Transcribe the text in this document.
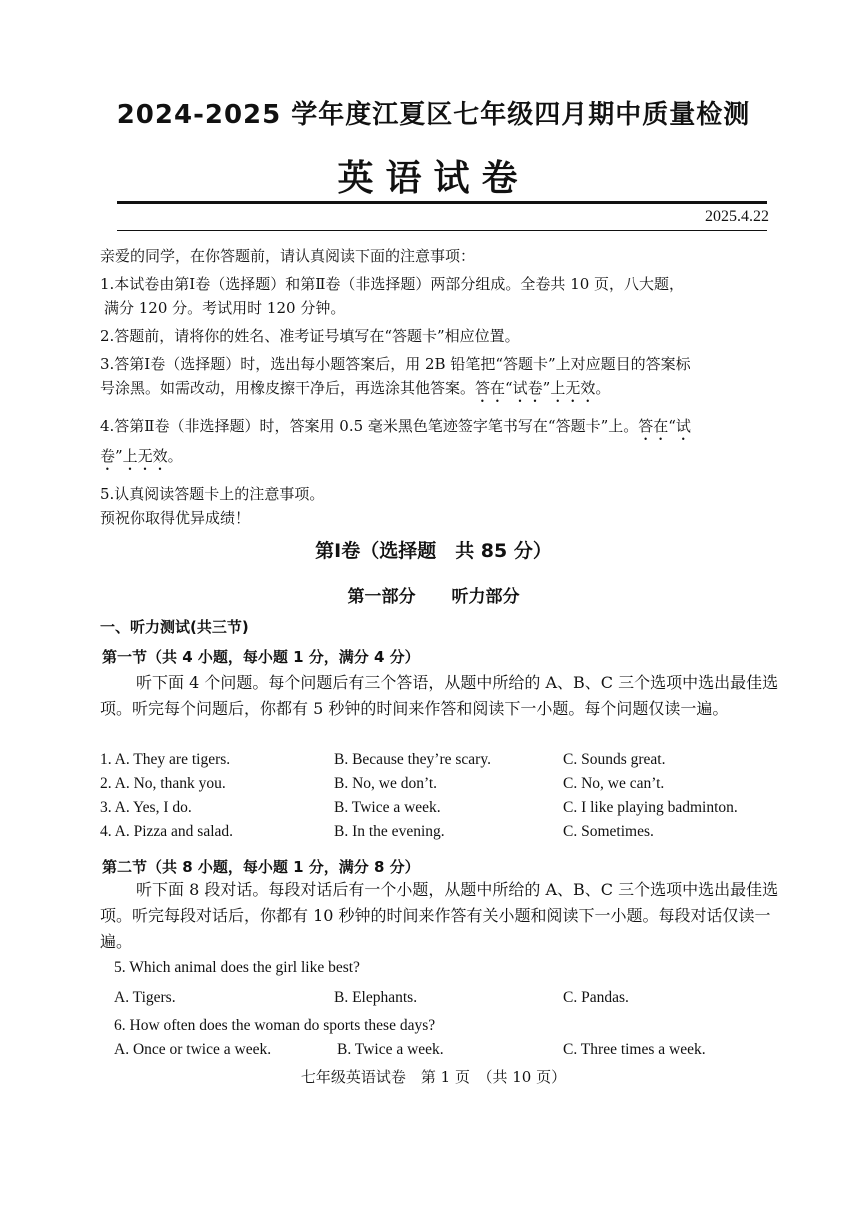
2024-2025 学年度江夏区七年级四月期中质量检测
英语试卷
2025.4.22

亲爱的同学，在你答题前，请认真阅读下面的注意事项：

1.本试卷由第Ⅰ卷（选择题）和第Ⅱ卷（非选择题）两部分组成。全卷共 10 页，八大题，

满分 120 分。考试用时 120 分钟。

2.答题前，请将你的姓名、准考证号填写在“答题卡”相应位置。

3.答第Ⅰ卷（选择题）时，选出每小题答案后，用 2B 铅笔把“答题卡”上对应题目的答案标

号涂黑。如需改动，用橡皮擦干净后，再选涂其他答案。答在“试卷”上无效。

4.答第Ⅱ卷（非选择题）时，答案用 0.5 毫米黑色笔迹签字笔书写在“答题卡”上。答在“试

卷”上无效。

5.认真阅读答题卡上的注意事项。

预祝你取得优异成绩！

第Ⅰ卷（选择题　共 85 分）
第一部分 听力部分
一、听力测试(共三节)
第一节（共 4 小题，每小题 1 分，满分 4 分）
听下面 4 个问题。每个问题后有三个答语，从题中所给的 A、B、C 三个选项中选出最佳选项。听完每个问题后，你都有 5 秒钟的时间来作答和阅读下一小题。每个问题仅读一遍。
1. A. They are tigers.	B. Because they’re scary.	C. Sounds great.
2. A. No, thank you.	B. No, we don’t.	C. No, we can’t.
3. A. Yes, I do.	B. Twice a week.	C. I like playing badminton.
4. A. Pizza and salad.	B. In the evening.	C. Sometimes.
第二节（共 8 小题，每小题 1 分，满分 8 分）
听下面 8 段对话。每段对话后有一个小题，从题中所给的 A、B、C 三个选项中选出最佳选项。听完每段对话后，你都有 10 秒钟的时间来作答有关小题和阅读下一小题。每段对话仅读一遍。
5. Which animal does the girl like best?
A. Tigers.	B. Elephants.	C. Pandas.
6. How often does the woman do sports these days?
A. Once or twice a week.	B. Twice a week.	C. Three times a week.
七年级英语试卷　第 1 页　（共 10 页）
